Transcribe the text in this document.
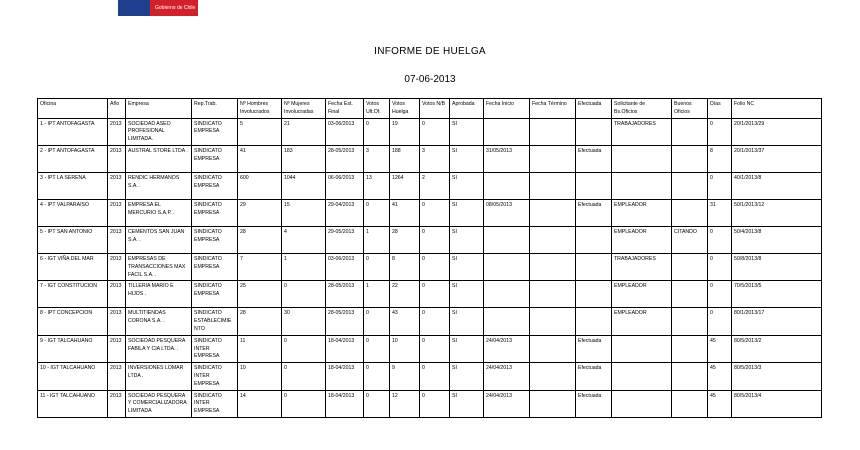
Gobierno de Chile
INFORME DE HUELGA
07-06-2013
Oficina	Año	Empresa	Rep.Trab.	Nº Hombres Involucrados	Nº Mujeres Involucradas	Fecha Est. Final	Votos Ult.Of.	Votos Huelga	Votos N/B	Aprobada	Fecha Inicio	Fecha Término	Efectuada	Solicitante de Bs.Oficios	Buenos Oficios	Días	Folio NC
1 - IPT ANTOFAGASTA	2013	SOCIEDAD ASEO PROFESIONAL LIMITADA.	SINDICATO EMPRESA	5	21	03-06/2013	0	19	0	SI				TRABAJADORES		0	20/1/2013/29
2 - IPT ANTOFAGASTA	2013	AUSTRAL STORE LTDA .	SINDICATO EMPRESA	41	183	28-05/2013	3	188	3	SI	31/05/2013		Efectuada			8	20/1/2013/37
3 - IPT LA SERENA	2013	RENDIC HERMANOS S.A. .	SINDICATO EMPRESA	600	1044	06-06/2013	13	1264	2	SI						0	40/1/2013/8
4 - IPT VALPARAISO	2013	EMPRESA EL MERCURIO S.A.P. .	SINDICATO EMPRESA	29	15	29-04/2013	0	41	0	SI	08/05/2013		Efectuada	EMPLEADOR		31	50/1/2013/12
5 - IPT SAN ANTONIO	2013	CEMENTOS SAN JUAN S.A. .	SINDICATO EMPRESA	28	4	29-05/2013	1	28	0	SI				EMPLEADOR	CITANDO	0	50/4/2013/8
6 - IGT VIÑA DEL MAR	2013	EMPRESAS DE TRANSACCIONES MAX FACIL S.A. .	SINDICATO EMPRESA	7	1	03-06/2013	0	8	0	SI				TRABAJADORES		0	50/8/2013/8
7 - IGT CONSTITUCION	2013	TILLERIA MARIO E HIJOS .	SINDICATO EMPRESA	25	0	28-05/2013	1	22	0	SI				EMPLEADOR		0	70/5/2013/5
8 - IPT CONCEPCION	2013	MULTITIENDAS CORONA S.A. .	SINDICATO ESTABLECIMIENTO	28	30	28-05/2013	0	43	0	SI				EMPLEADOR		0	80/1/2013/17
9 - IGT TALCAHUANO	2013	SOCIEDAD PESQUERA FABILA Y CIA LTDA. .	SINDICATO INTER EMPRESA	11	0	18-04/2013	0	10	0	SI	24/04/2013		Efectuada			45	80/5/2013/2
10 - IGT TALCAHUANO	2013	INVERSIONES LOMAR LTDA .	SINDICATO INTER EMPRESA	10	0	18-04/2013	0	9	0	SI	24/04/2013		Efectuada			45	80/5/2013/3
11 - IGT TALCAHUANO	2013	SOCIEDAD PESQUERA Y COMERCIALIZADORA LIMITADA	SINDICATO INTER EMPRESA	14	0	18-04/2013	0	12	0	SI	24/04/2013		Efectuada			45	80/5/2013/4
